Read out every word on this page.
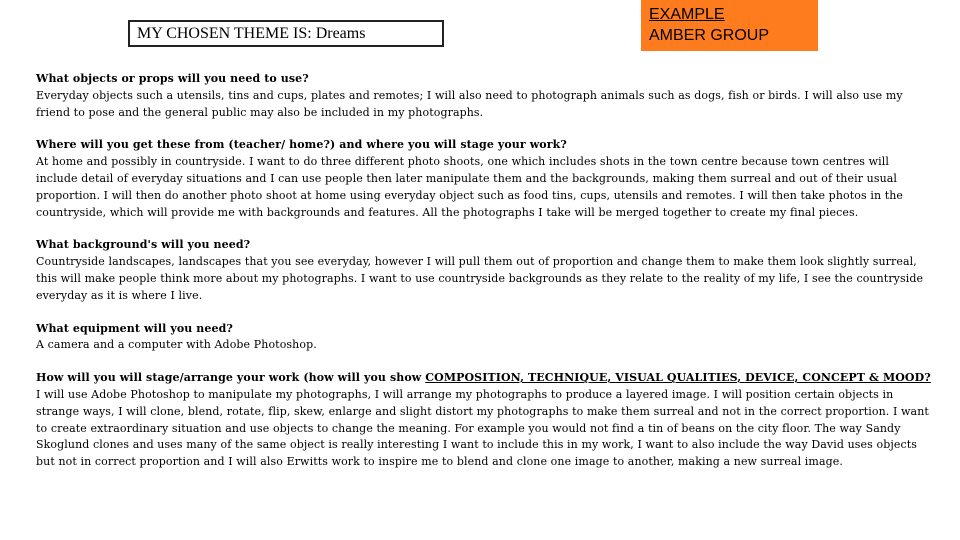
MY CHOSEN THEME IS: Dreams
EXAMPLE
AMBER GROUP
What objects or props will you need to use?
Everyday objects such a utensils, tins and cups, plates and remotes; I will also need to photograph animals such as dogs, fish or birds. I will also use my friend to pose and the general public may also be included in my photographs.
Where will you get these from (teacher/ home?) and where you will stage your work?
At home and possibly in countryside. I want to do three different photo shoots, one which includes shots in the town centre because town centres will include detail of everyday situations and I can use people then later manipulate them and the backgrounds, making them surreal and out of their usual proportion. I will then do another photo shoot at home using everyday object such as food tins, cups, utensils and remotes. I will then take photos in the countryside, which will provide me with backgrounds and features. All the photographs I take will be merged together to create my final pieces.
What background's will you need?
Countryside landscapes, landscapes that you see everyday, however I will pull them out of proportion and change them to make them look slightly surreal, this will make people think more about my photographs. I want to use countryside backgrounds as they relate to the reality of my life, I see the countryside everyday as it is where I live.
What equipment will you need?
A camera and a computer with Adobe Photoshop.
How will you will stage/arrange your work (how will you show COMPOSITION, TECHNIQUE, VISUAL QUALITIES, DEVICE, CONCEPT & MOOD?
I will use Adobe Photoshop to manipulate my photographs, I will arrange my photographs to produce a layered image. I will position certain objects in strange ways, I will clone, blend, rotate, flip, skew, enlarge and slight distort my photographs to make them surreal and not in the correct proportion. I want to create extraordinary situation and use objects to change the meaning. For example you would not find a tin of beans on the city floor. The way Sandy Skoglund clones and uses many of the same object is really interesting I want to include this in my work, I want to also include the way David uses objects but not in correct proportion and I will also Erwitts work to inspire me to blend and clone one image to another, making a new surreal image.
